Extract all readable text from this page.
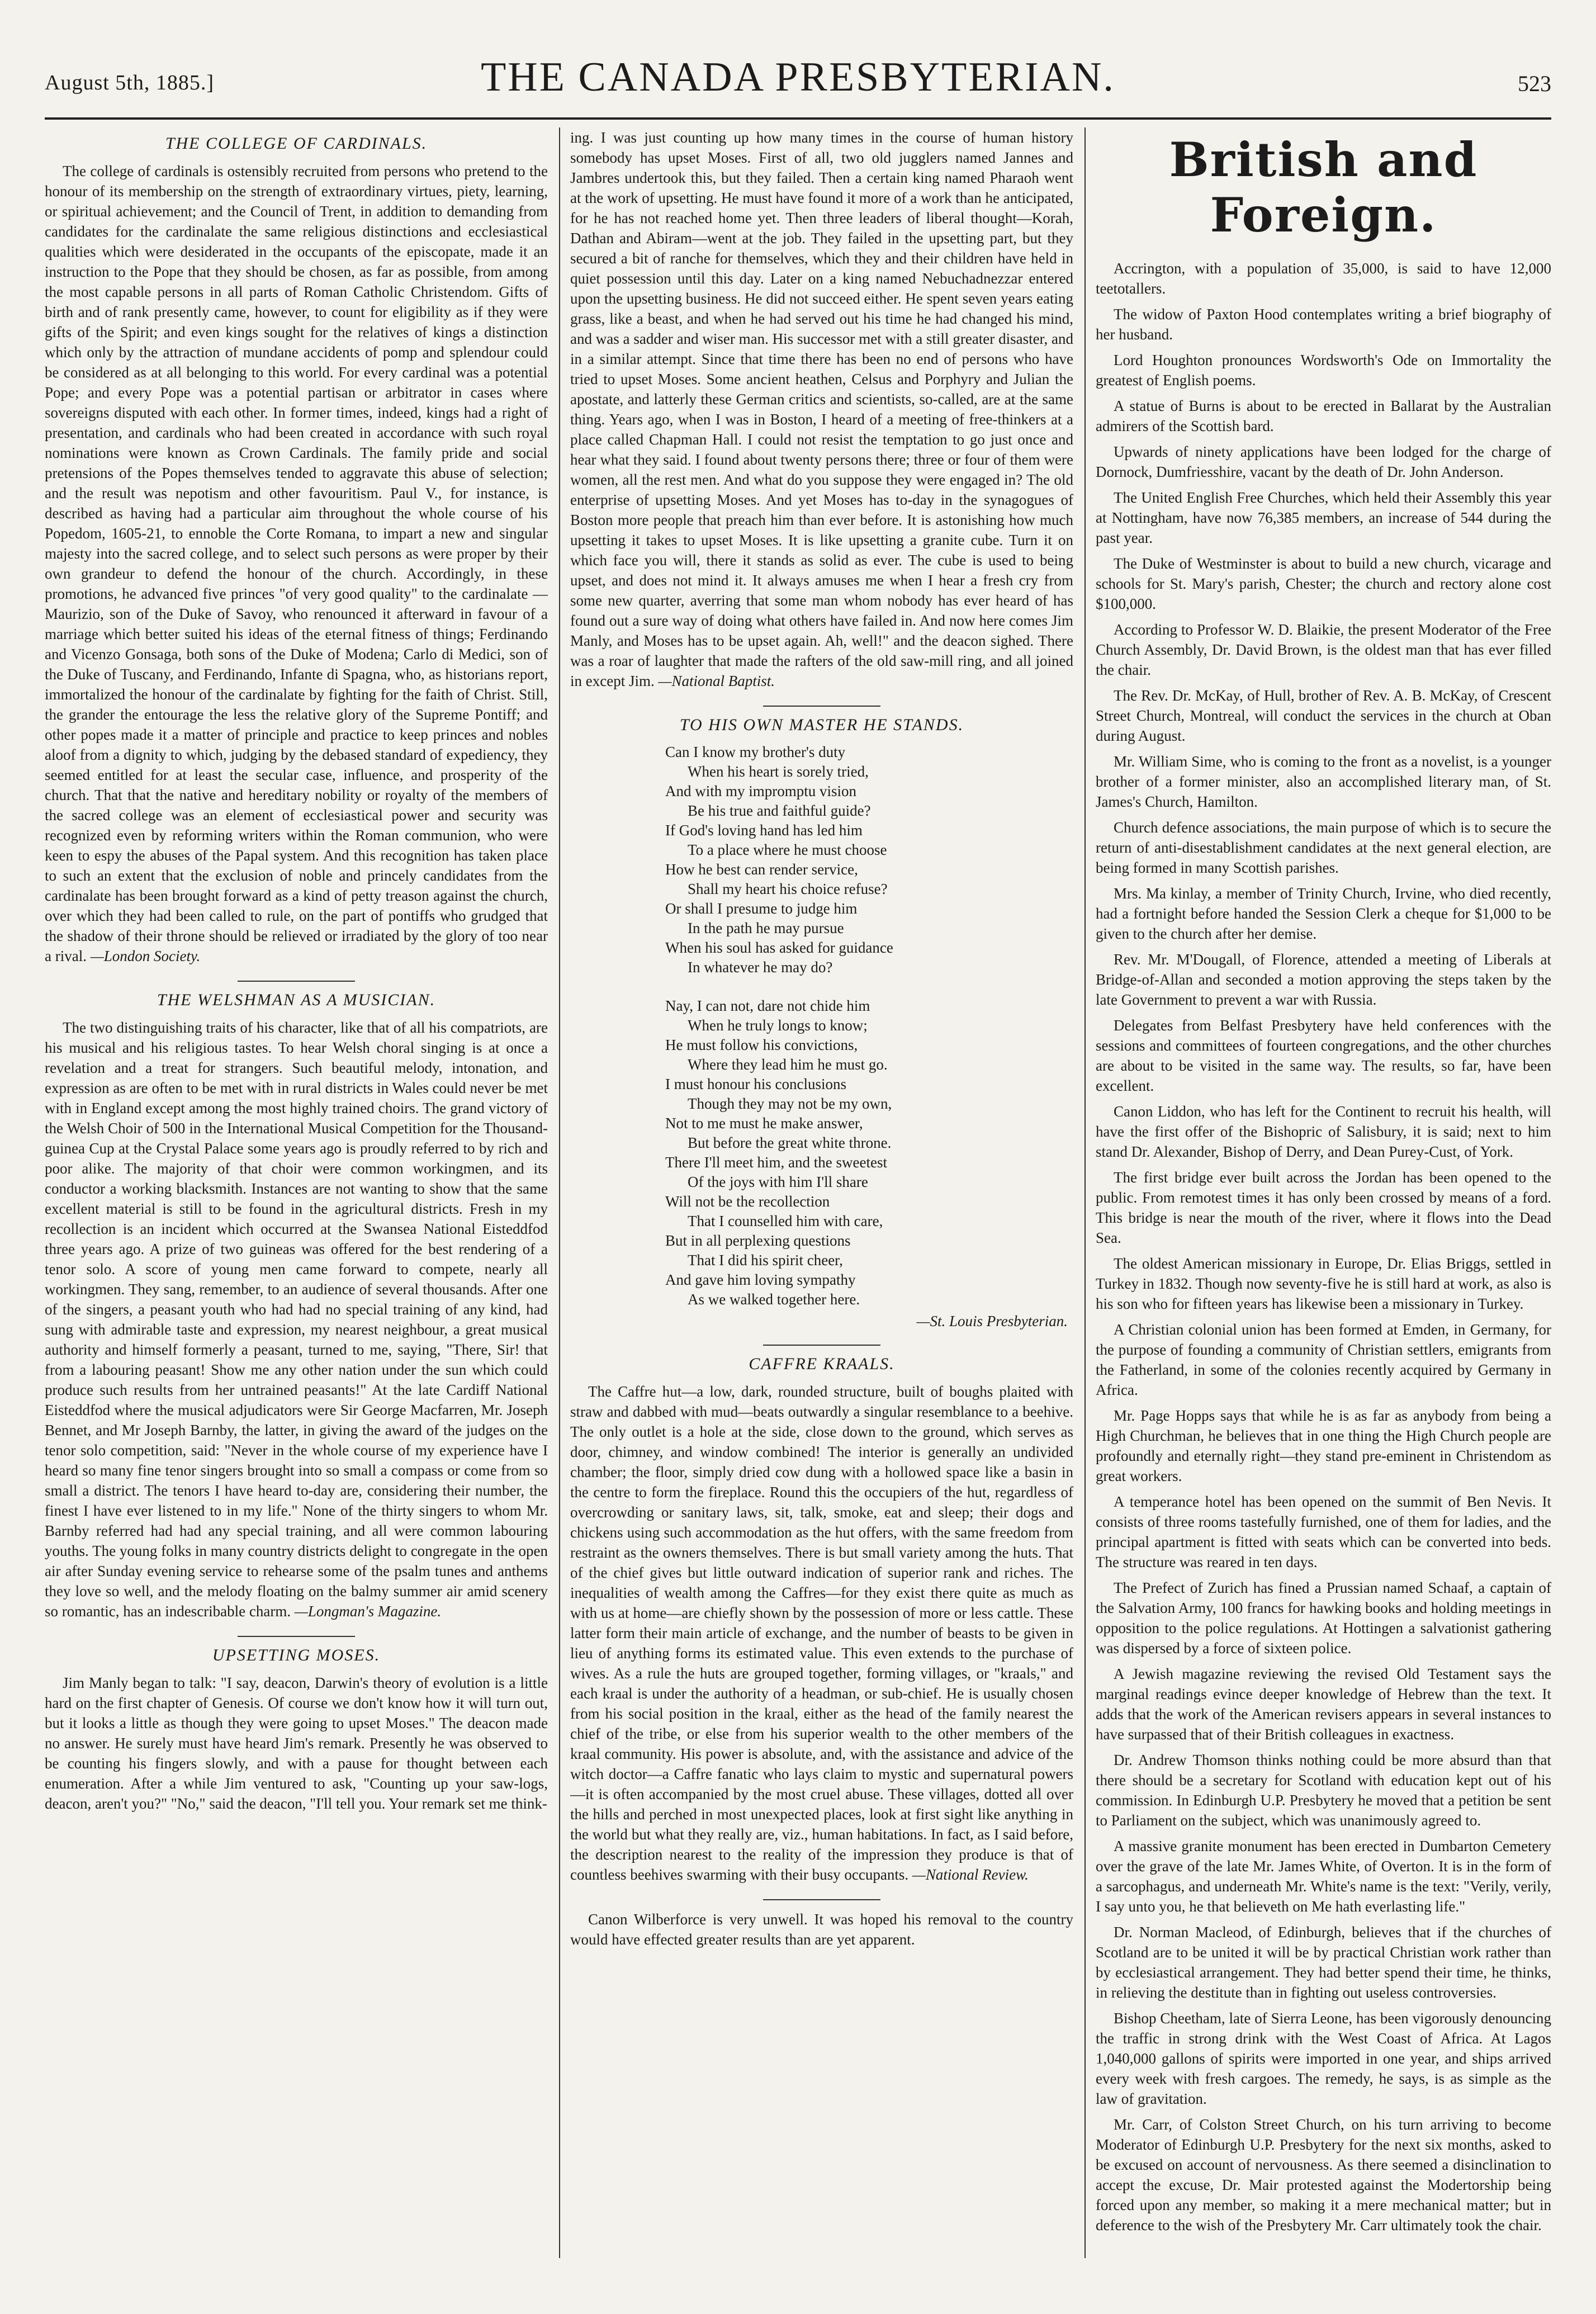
August 5th, 1885.]	THE CANADA PRESBYTERIAN.	523
THE COLLEGE OF CARDINALS.

The college of cardinals is ostensibly recruited from persons who pretend to the honour of its membership on the strength of extraordinary virtues, piety, learning, or spiritual achievement; and the Council of Trent, in addition to demanding from candidates for the cardinalate the same religious distinctions and ecclesiastical qualities which were desiderated in the occupants of the episcopate, made it an instruction to the Pope that they should be chosen, as far as possible, from among the most capable persons in all parts of Roman Catholic Christendom. Gifts of birth and of rank presently came, however, to count for eligibility as if they were gifts of the Spirit; and even kings sought for the relatives of kings a distinction which only by the attraction of mundane accidents of pomp and splendour could be considered as at all belonging to this world. For every cardinal was a potential Pope; and every Pope was a potential partisan or arbitrator in cases where sovereigns disputed with each other. In former times, indeed, kings had a right of presentation, and cardinals who had been created in accordance with such royal nominations were known as Crown Cardinals. The family pride and social pretensions of the Popes themselves tended to aggravate this abuse of selection; and the result was nepotism and other favouritism. Paul V., for instance, is described as having had a particular aim throughout the whole course of his Popedom, 1605-21, to ennoble the Corte Romana, to impart a new and singular majesty into the sacred college, and to select such persons as were proper by their own grandeur to defend the honour of the church. Accordingly, in these promotions, he advanced five princes "of very good quality" to the cardinalate —Maurizio, son of the Duke of Savoy, who renounced it afterward in favour of a marriage which better suited his ideas of the eternal fitness of things; Ferdinando and Vicenzo Gonsaga, both sons of the Duke of Modena; Carlo di Medici, son of the Duke of Tuscany, and Ferdinando, Infante di Spagna, who, as historians report, immortalized the honour of the cardinalate by fighting for the faith of Christ. Still, the grander the entourage the less the relative glory of the Supreme Pontiff; and other popes made it a matter of principle and practice to keep princes and nobles aloof from a dignity to which, judging by the debased standard of expediency, they seemed entitled for at least the secular case, influence, and prosperity of the church. That that the native and hereditary nobility or royalty of the members of the sacred college was an element of ecclesiastical power and security was recognized even by reforming writers within the Roman communion, who were keen to espy the abuses of the Papal system. And this recognition has taken place to such an extent that the exclusion of noble and princely candidates from the cardinalate has been brought forward as a kind of petty treason against the church, over which they had been called to rule, on the part of pontiffs who grudged that the shadow of their throne should be relieved or irradiated by the glory of too near a rival. —London Society.

THE WELSHMAN AS A MUSICIAN.

The two distinguishing traits of his character, like that of all his compatriots, are his musical and his religious tastes. To hear Welsh choral singing is at once a revelation and a treat for strangers. Such beautiful melody, intonation, and expression as are often to be met with in rural districts in Wales could never be met with in England except among the most highly trained choirs. The grand victory of the Welsh Choir of 500 in the International Musical Competition for the Thousand-guinea Cup at the Crystal Palace some years ago is proudly referred to by rich and poor alike. The majority of that choir were common workingmen, and its conductor a working blacksmith. Instances are not wanting to show that the same excellent material is still to be found in the agricultural districts. Fresh in my recollection is an incident which occurred at the Swansea National Eisteddfod three years ago. A prize of two guineas was offered for the best rendering of a tenor solo. A score of young men came forward to compete, nearly all workingmen. They sang, remember, to an audience of several thousands. After one of the singers, a peasant youth who had had no special training of any kind, had sung with admirable taste and expression, my nearest neighbour, a great musical authority and himself formerly a peasant, turned to me, saying, "There, Sir! that from a labouring peasant! Show me any other nation under the sun which could produce such results from her untrained peasants!" At the late Cardiff National Eisteddfod where the musical adjudicators were Sir George Macfarren, Mr. Joseph Bennet, and Mr Joseph Barnby, the latter, in giving the award of the judges on the tenor solo competition, said: "Never in the whole course of my experience have I heard so many fine tenor singers brought into so small a compass or come from so small a district. The tenors I have heard to-day are, considering their number, the finest I have ever listened to in my life." None of the thirty singers to whom Mr. Barnby referred had had any special training, and all were common labouring youths. The young folks in many country districts delight to congregate in the open air after Sunday evening service to rehearse some of the psalm tunes and anthems they love so well, and the melody floating on the balmy summer air amid scenery so romantic, has an indescribable charm. —Longman's Magazine.

UPSETTING MOSES.

Jim Manly began to talk: "I say, deacon, Darwin's theory of evolution is a little hard on the first chapter of Genesis. Of course we don't know how it will turn out, but it looks a little as though they were going to upset Moses." The deacon made no answer. He surely must have heard Jim's remark. Presently he was observed to be counting his fingers slowly, and with a pause for thought between each enumeration. After a while Jim ventured to ask, "Counting up your saw-logs, deacon, aren't you?" "No," said the deacon, "I'll tell you. Your remark set me think-

ing. I was just counting up how many times in the course of human history somebody has upset Moses. First of all, two old jugglers named Jannes and Jambres undertook this, but they failed. Then a certain king named Pharaoh went at the work of upsetting. He must have found it more of a work than he anticipated, for he has not reached home yet. Then three leaders of liberal thought—Korah, Dathan and Abiram—went at the job. They failed in the upsetting part, but they secured a bit of ranche for themselves, which they and their children have held in quiet possession until this day. Later on a king named Nebuchadnezzar entered upon the upsetting business. He did not succeed either. He spent seven years eating grass, like a beast, and when he had served out his time he had changed his mind, and was a sadder and wiser man. His successor met with a still greater disaster, and in a similar attempt. Since that time there has been no end of persons who have tried to upset Moses. Some ancient heathen, Celsus and Porphyry and Julian the apostate, and latterly these German critics and scientists, so-called, are at the same thing. Years ago, when I was in Boston, I heard of a meeting of free-thinkers at a place called Chapman Hall. I could not resist the temptation to go just once and hear what they said. I found about twenty persons there; three or four of them were women, all the rest men. And what do you suppose they were engaged in? The old enterprise of upsetting Moses. And yet Moses has to-day in the synagogues of Boston more people that preach him than ever before. It is astonishing how much upsetting it takes to upset Moses. It is like upsetting a granite cube. Turn it on which face you will, there it stands as solid as ever. The cube is used to being upset, and does not mind it. It always amuses me when I hear a fresh cry from some new quarter, averring that some man whom nobody has ever heard of has found out a sure way of doing what others have failed in. And now here comes Jim Manly, and Moses has to be upset again. Ah, well!" and the deacon sighed. There was a roar of laughter that made the rafters of the old saw-mill ring, and all joined in except Jim. —National Baptist.

TO HIS OWN MASTER HE STANDS.
Can I know my brother's duty
When his heart is sorely tried,
And with my impromptu vision
Be his true and faithful guide?
If God's loving hand has led him
To a place where he must choose
How he best can render service,
Shall my heart his choice refuse?
Or shall I presume to judge him
In the path he may pursue
When his soul has asked for guidance
In whatever he may do?
Nay, I can not, dare not chide him
When he truly longs to know;
He must follow his convictions,
Where they lead him he must go.
I must honour his conclusions
Though they may not be my own,
Not to me must he make answer,
But before the great white throne.
There I'll meet him, and the sweetest
Of the joys with him I'll share
Will not be the recollection
That I counselled him with care,
But in all perplexing questions
That I did his spirit cheer,
And gave him loving sympathy
As we walked together here.
—St. Louis Presbyterian.
CAFFRE KRAALS.

The Caffre hut—a low, dark, rounded structure, built of boughs plaited with straw and dabbed with mud—beats outwardly a singular resemblance to a beehive. The only outlet is a hole at the side, close down to the ground, which serves as door, chimney, and window combined! The interior is generally an undivided chamber; the floor, simply dried cow dung with a hollowed space like a basin in the centre to form the fireplace. Round this the occupiers of the hut, regardless of overcrowding or sanitary laws, sit, talk, smoke, eat and sleep; their dogs and chickens using such accommodation as the hut offers, with the same freedom from restraint as the owners themselves. There is but small variety among the huts. That of the chief gives but little outward indication of superior rank and riches. The inequalities of wealth among the Caffres—for they exist there quite as much as with us at home—are chiefly shown by the possession of more or less cattle. These latter form their main article of exchange, and the number of beasts to be given in lieu of anything forms its estimated value. This even extends to the purchase of wives. As a rule the huts are grouped together, forming villages, or "kraals," and each kraal is under the authority of a headman, or sub-chief. He is usually chosen from his social position in the kraal, either as the head of the family nearest the chief of the tribe, or else from his superior wealth to the other members of the kraal community. His power is absolute, and, with the assistance and advice of the witch doctor—a Caffre fanatic who lays claim to mystic and supernatural powers—it is often accompanied by the most cruel abuse. These villages, dotted all over the hills and perched in most unexpected places, look at first sight like anything in the world but what they really are, viz., human habitations. In fact, as I said before, the description nearest to the reality of the impression they produce is that of countless beehives swarming with their busy occupants. —National Review.

Canon Wilberforce is very unwell. It was hoped his removal to the country would have effected greater results than are yet apparent.

British and Foreign.

Accrington, with a population of 35,000, is said to have 12,000 teetotallers.

The widow of Paxton Hood contemplates writing a brief biography of her husband.

Lord Houghton pronounces Wordsworth's Ode on Immortality the greatest of English poems.

A statue of Burns is about to be erected in Ballarat by the Australian admirers of the Scottish bard.

Upwards of ninety applications have been lodged for the charge of Dornock, Dumfriesshire, vacant by the death of Dr. John Anderson.

The United English Free Churches, which held their Assembly this year at Nottingham, have now 76,385 members, an increase of 544 during the past year.

The Duke of Westminster is about to build a new church, vicarage and schools for St. Mary's parish, Chester; the church and rectory alone cost $100,000.

According to Professor W. D. Blaikie, the present Moderator of the Free Church Assembly, Dr. David Brown, is the oldest man that has ever filled the chair.

The Rev. Dr. McKay, of Hull, brother of Rev. A. B. McKay, of Crescent Street Church, Montreal, will conduct the services in the church at Oban during August.

Mr. William Sime, who is coming to the front as a novelist, is a younger brother of a former minister, also an accomplished literary man, of St. James's Church, Hamilton.

Church defence associations, the main purpose of which is to secure the return of anti-disestablishment candidates at the next general election, are being formed in many Scottish parishes.

Mrs. Ma kinlay, a member of Trinity Church, Irvine, who died recently, had a fortnight before handed the Session Clerk a cheque for $1,000 to be given to the church after her demise.

Rev. Mr. M'Dougall, of Florence, attended a meeting of Liberals at Bridge-of-Allan and seconded a motion approving the steps taken by the late Government to prevent a war with Russia.

Delegates from Belfast Presbytery have held conferences with the sessions and committees of fourteen congregations, and the other churches are about to be visited in the same way. The results, so far, have been excellent.

Canon Liddon, who has left for the Continent to recruit his health, will have the first offer of the Bishopric of Salisbury, it is said; next to him stand Dr. Alexander, Bishop of Derry, and Dean Purey-Cust, of York.

The first bridge ever built across the Jordan has been opened to the public. From remotest times it has only been crossed by means of a ford. This bridge is near the mouth of the river, where it flows into the Dead Sea.

The oldest American missionary in Europe, Dr. Elias Briggs, settled in Turkey in 1832. Though now seventy-five he is still hard at work, as also is his son who for fifteen years has likewise been a missionary in Turkey.

A Christian colonial union has been formed at Emden, in Germany, for the purpose of founding a community of Christian settlers, emigrants from the Fatherland, in some of the colonies recently acquired by Germany in Africa.

Mr. Page Hopps says that while he is as far as anybody from being a High Churchman, he believes that in one thing the High Church people are profoundly and eternally right—they stand pre-eminent in Christendom as great workers.

A temperance hotel has been opened on the summit of Ben Nevis. It consists of three rooms tastefully furnished, one of them for ladies, and the principal apartment is fitted with seats which can be converted into beds. The structure was reared in ten days.

The Prefect of Zurich has fined a Prussian named Schaaf, a captain of the Salvation Army, 100 francs for hawking books and holding meetings in opposition to the police regulations. At Hottingen a salvationist gathering was dispersed by a force of sixteen police.

A Jewish magazine reviewing the revised Old Testament says the marginal readings evince deeper knowledge of Hebrew than the text. It adds that the work of the American revisers appears in several instances to have surpassed that of their British colleagues in exactness.

Dr. Andrew Thomson thinks nothing could be more absurd than that there should be a secretary for Scotland with education kept out of his commission. In Edinburgh U.P. Presbytery he moved that a petition be sent to Parliament on the subject, which was unanimously agreed to.

A massive granite monument has been erected in Dumbarton Cemetery over the grave of the late Mr. James White, of Overton. It is in the form of a sarcophagus, and underneath Mr. White's name is the text: "Verily, verily, I say unto you, he that believeth on Me hath everlasting life."

Dr. Norman Macleod, of Edinburgh, believes that if the churches of Scotland are to be united it will be by practical Christian work rather than by ecclesiastical arrangement. They had better spend their time, he thinks, in relieving the destitute than in fighting out useless controversies.

Bishop Cheetham, late of Sierra Leone, has been vigorously denouncing the traffic in strong drink with the West Coast of Africa. At Lagos 1,040,000 gallons of spirits were imported in one year, and ships arrived every week with fresh cargoes. The remedy, he says, is as simple as the law of gravitation.

Mr. Carr, of Colston Street Church, on his turn arriving to become Moderator of Edinburgh U.P. Presbytery for the next six months, asked to be excused on account of nervousness. As there seemed a disinclination to accept the excuse, Dr. Mair protested against the Modertorship being forced upon any member, so making it a mere mechanical matter; but in deference to the wish of the Presbytery Mr. Carr ultimately took the chair.
